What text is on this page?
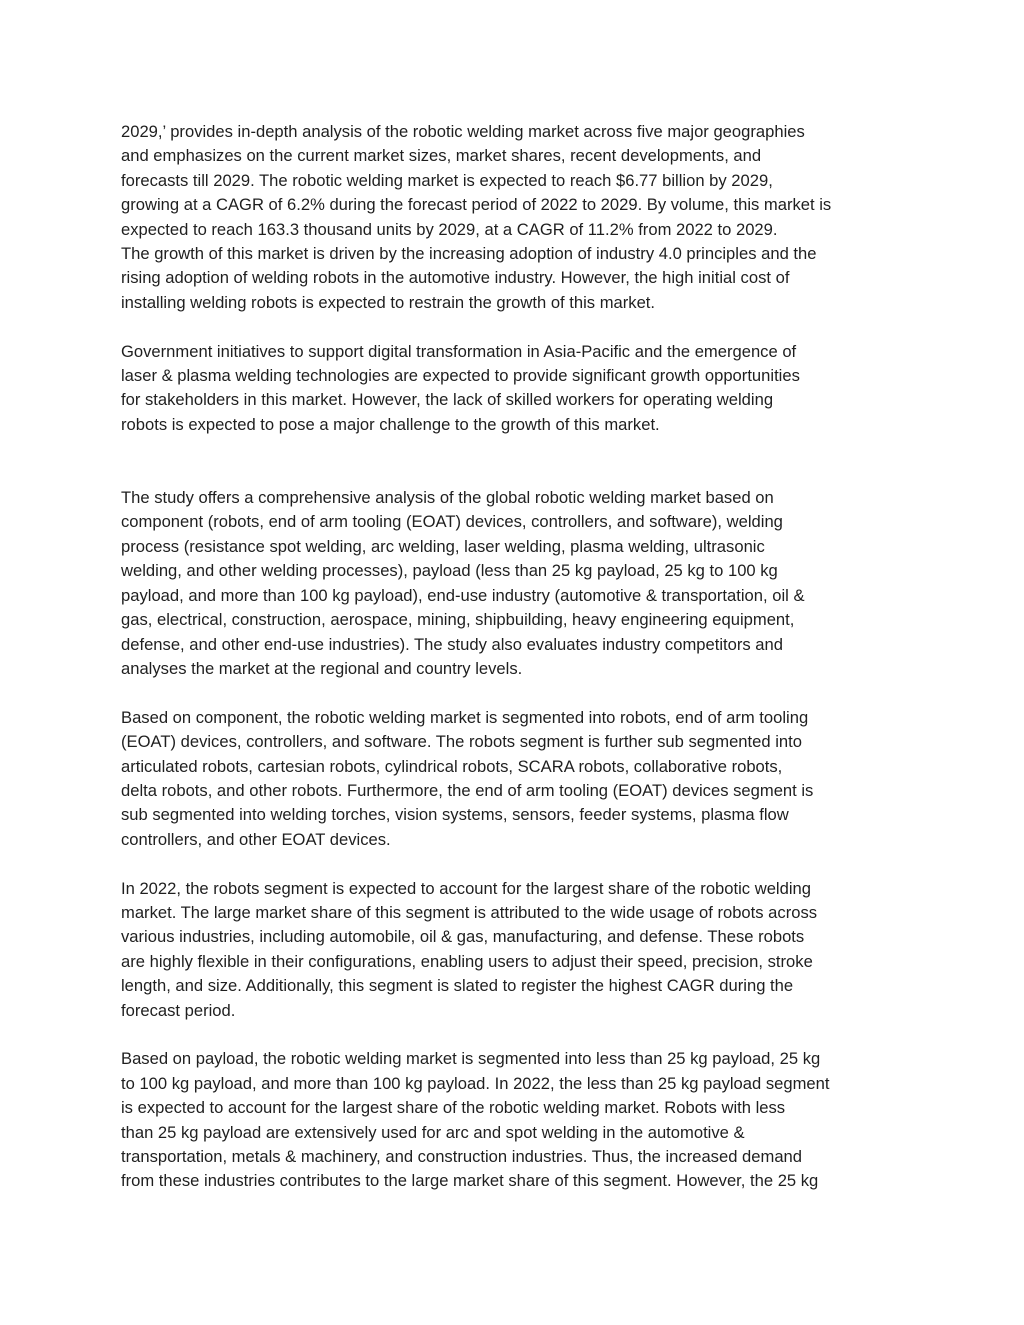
2029,’ provides in-depth analysis of the robotic welding market across five major geographies
and emphasizes on the current market sizes, market shares, recent developments, and
forecasts till 2029. The robotic welding market is expected to reach $6.77 billion by 2029,
growing at a CAGR of 6.2% during the forecast period of 2022 to 2029. By volume, this market is
expected to reach 163.3 thousand units by 2029, at a CAGR of 11.2% from 2022 to 2029.
The growth of this market is driven by the increasing adoption of industry 4.0 principles and the
rising adoption of welding robots in the automotive industry. However, the high initial cost of
installing welding robots is expected to restrain the growth of this market.

Government initiatives to support digital transformation in Asia-Pacific and the emergence of
laser & plasma welding technologies are expected to provide significant growth opportunities
for stakeholders in this market. However, the lack of skilled workers for operating welding
robots is expected to pose a major challenge to the growth of this market.

The study offers a comprehensive analysis of the global robotic welding market based on
component (robots, end of arm tooling (EOAT) devices, controllers, and software), welding
process (resistance spot welding, arc welding, laser welding, plasma welding, ultrasonic
welding, and other welding processes), payload (less than 25 kg payload, 25 kg to 100 kg
payload, and more than 100 kg payload), end-use industry (automotive & transportation, oil &
gas, electrical, construction, aerospace, mining, shipbuilding, heavy engineering equipment,
defense, and other end-use industries). The study also evaluates industry competitors and
analyses the market at the regional and country levels.

Based on component, the robotic welding market is segmented into robots, end of arm tooling
(EOAT) devices, controllers, and software. The robots segment is further sub segmented into
articulated robots, cartesian robots, cylindrical robots, SCARA robots, collaborative robots,
delta robots, and other robots. Furthermore, the end of arm tooling (EOAT) devices segment is
sub segmented into welding torches, vision systems, sensors, feeder systems, plasma flow
controllers, and other EOAT devices.

In 2022, the robots segment is expected to account for the largest share of the robotic welding
market. The large market share of this segment is attributed to the wide usage of robots across
various industries, including automobile, oil & gas, manufacturing, and defense. These robots
are highly flexible in their configurations, enabling users to adjust their speed, precision, stroke
length, and size. Additionally, this segment is slated to register the highest CAGR during the
forecast period.

Based on payload, the robotic welding market is segmented into less than 25 kg payload, 25 kg
to 100 kg payload, and more than 100 kg payload. In 2022, the less than 25 kg payload segment
is expected to account for the largest share of the robotic welding market. Robots with less
than 25 kg payload are extensively used for arc and spot welding in the automotive &
transportation, metals & machinery, and construction industries. Thus, the increased demand
from these industries contributes to the large market share of this segment. However, the 25 kg
